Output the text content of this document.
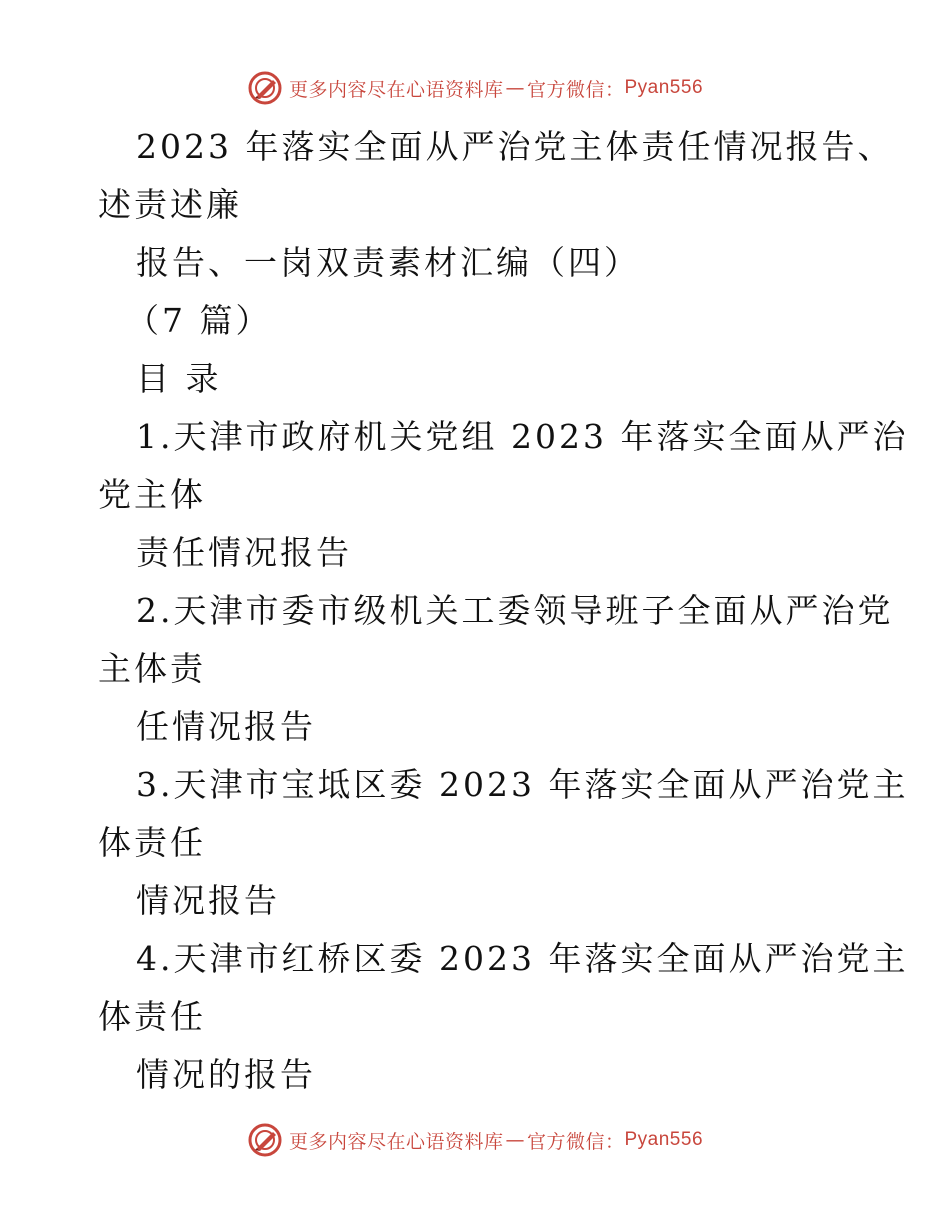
更多内容尽在心语资料库 — 官方微信： Pyan556
2023 年落实全面从严治党主体责任情况报告、
述责述廉
报告、一岗双责素材汇编（四）
（7 篇）
目 录
1.天津市政府机关党组 2023 年落实全面从严治
党主体
责任情况报告
2.天津市委市级机关工委领导班子全面从严治党
主体责
任情况报告
3.天津市宝坻区委 2023 年落实全面从严治党主
体责任
情况报告
4.天津市红桥区委 2023 年落实全面从严治党主
体责任
情况的报告
更多内容尽在心语资料库 — 官方微信： Pyan556
